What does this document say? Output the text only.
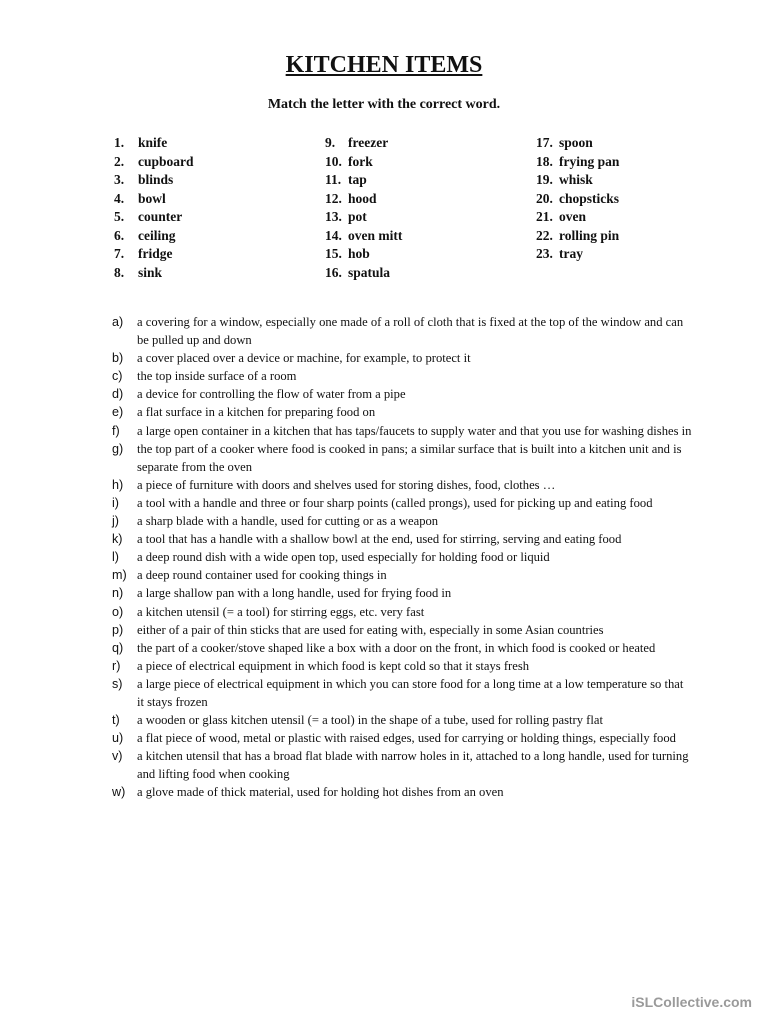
KITCHEN ITEMS
Match the letter with the correct word.
1. knife
2. cupboard
3. blinds
4. bowl
5. counter
6. ceiling
7. fridge
8. sink
9. freezer
10. fork
11. tap
12. hood
13. pot
14. oven mitt
15. hob
16. spatula
17. spoon
18. frying pan
19. whisk
20. chopsticks
21. oven
22. rolling pin
23. tray
a)	a covering for a window, especially one made of a roll of cloth that is fixed at the top of the window and can be pulled up and down
b)	a cover placed over a device or machine, for example, to protect it
c)	the top inside surface of a room
d)	a device for controlling the flow of water from a pipe
e)	a flat surface in a kitchen for preparing food on
f)	a large open container in a kitchen that has taps/faucets to supply water and that you use for washing dishes in
g)	the top part of a cooker where food is cooked in pans; a similar surface that is built into a kitchen unit and is separate from the oven
h)	a piece of furniture with doors and shelves used for storing dishes, food, clothes …
i)	a tool with a handle and three or four sharp points (called prongs), used for picking up and eating food
j)	a sharp blade with a handle, used for cutting or as a weapon
k)	a tool that has a handle with a shallow bowl at the end, used for stirring, serving and eating food
l)	a deep round dish with a wide open top, used especially for holding food or liquid
m) a deep round container used for cooking things in
n)	a large shallow pan with a long handle, used for frying food in
o)	a kitchen utensil (= a tool) for stirring eggs, etc. very fast
p)	either of a pair of thin sticks that are used for eating with, especially in some Asian countries
q)	the part of a cooker/stove shaped like a box with a door on the front, in which food is cooked or heated
r)	a piece of electrical equipment in which food is kept cold so that it stays fresh
s)	a large piece of electrical equipment in which you can store food for a long time at a low temperature so that it stays frozen
t)	a wooden or glass kitchen utensil (= a tool) in the shape of a tube, used for rolling pastry flat
u)	a flat piece of wood, metal or plastic with raised edges, used for carrying or holding things, especially food
v)	a kitchen utensil that has a broad flat blade with narrow holes in it, attached to a long handle, used for turning and lifting food when cooking
w) a glove made of thick material, used for holding hot dishes from an oven
iSLCollective.com
